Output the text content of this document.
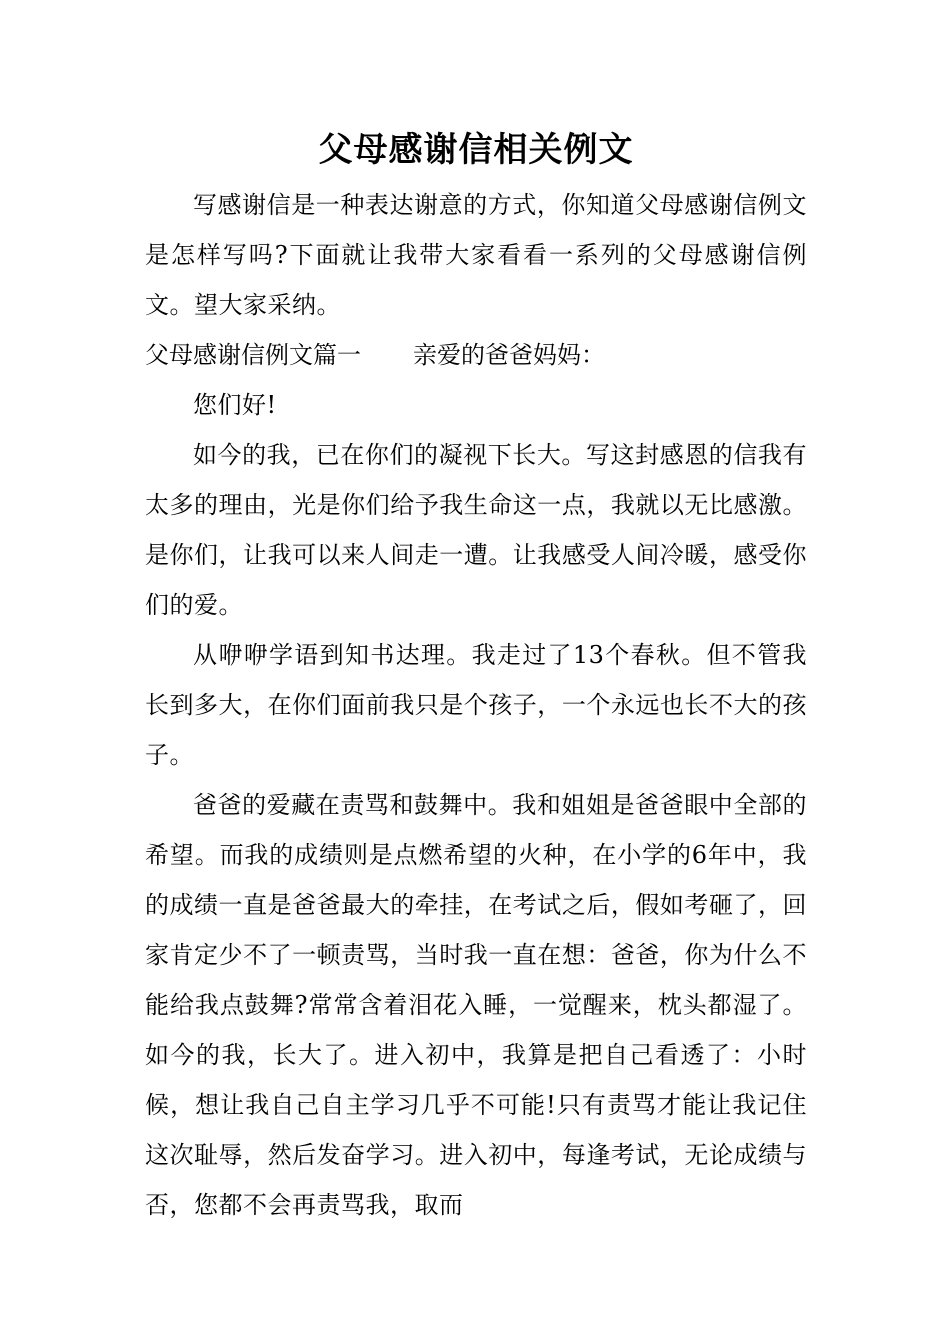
父母感谢信相关例文

写感谢信是一种表达谢意的方式，你知道父母感谢信例文是怎样写吗?下面就让我带大家看看一系列的父母感谢信例文。望大家采纳。

父母感谢信例文篇一 亲爱的爸爸妈妈：

您们好!

如今的我，已在你们的凝视下长大。写这封感恩的信我有太多的理由，光是你们给予我生命这一点，我就以无比感激。是你们，让我可以来人间走一遭。让我感受人间冷暖，感受你们的爱。

从咿咿学语到知书达理。我走过了13个春秋。但不管我长到多大，在你们面前我只是个孩子，一个永远也长不大的孩子。

爸爸的爱藏在责骂和鼓舞中。我和姐姐是爸爸眼中全部的希望。而我的成绩则是点燃希望的火种，在小学的6年中，我的成绩一直是爸爸最大的牵挂，在考试之后，假如考砸了，回家肯定少不了一顿责骂，当时我一直在想：爸爸，你为什么不能给我点鼓舞?常常含着泪花入睡，一觉醒来，枕头都湿了。如今的我，长大了。进入初中，我算是把自己看透了：小时候，想让我自己自主学习几乎不可能!只有责骂才能让我记住这次耻辱，然后发奋学习。进入初中，每逢考试，无论成绩与否，您都不会再责骂我，取而
